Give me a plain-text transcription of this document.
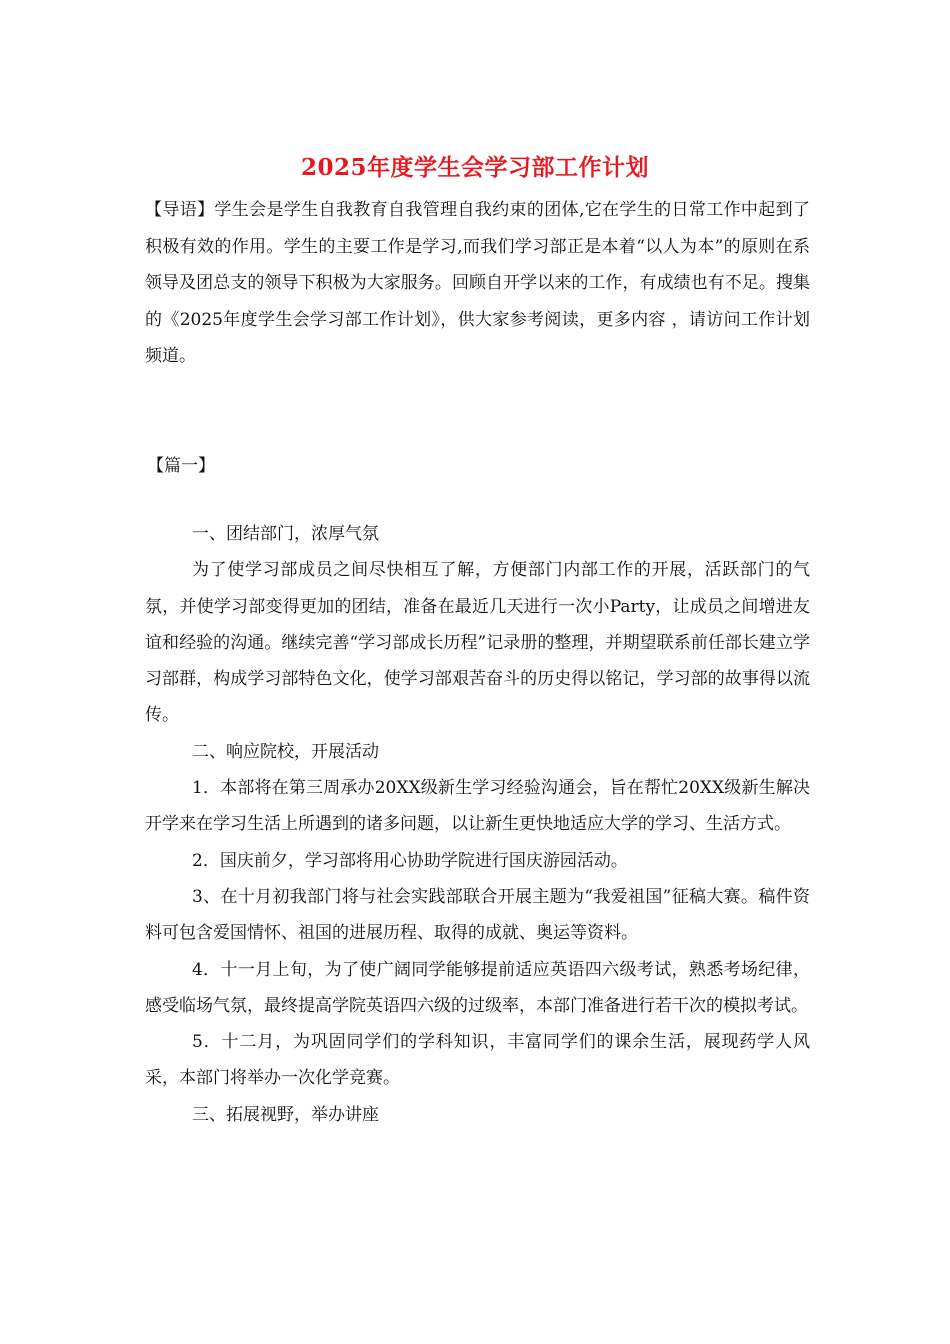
2025年度学生会学习部工作计划
【导语】学生会是学生自我教育自我管理自我约束的团体,它在学生的日常工作中起到了积极有效的作用。学生的主要工作是学习,而我们学习部正是本着“以人为本”的原则在系领导及团总支的领导下积极为大家服务。回顾自开学以来的工作，有成绩也有不足。搜集的《2025年度学生会学习部工作计划》，供大家参考阅读，更多内容 ，请访问工作计划频道。
【篇一】

一、团结部门，浓厚气氛

为了使学习部成员之间尽快相互了解，方便部门内部工作的开展，活跃部门的气氛，并使学习部变得更加的团结，准备在最近几天进行一次小Party，让成员之间增进友谊和经验的沟通。继续完善“学习部成长历程”记录册的整理，并期望联系前任部长建立学习部群，构成学习部特色文化，使学习部艰苦奋斗的历史得以铭记，学习部的故事得以流传。

二、响应院校，开展活动

1．本部将在第三周承办20XX级新生学习经验沟通会，旨在帮忙20XX级新生解决开学来在学习生活上所遇到的诸多问题，以让新生更快地适应大学的学习、生活方式。

2．国庆前夕，学习部将用心协助学院进行国庆游园活动。

3、在十月初我部门将与社会实践部联合开展主题为“我爱祖国”征稿大赛。稿件资料可包含爱国情怀、祖国的进展历程、取得的成就、奥运等资料。

4．十一月上旬，为了使广阔同学能够提前适应英语四六级考试，熟悉考场纪律，感受临场气氛，最终提高学院英语四六级的过级率，本部门准备进行若干次的模拟考试。

5．十二月，为巩固同学们的学科知识，丰富同学们的课余生活，展现药学人风采，本部门将举办一次化学竞赛。

三、拓展视野，举办讲座
